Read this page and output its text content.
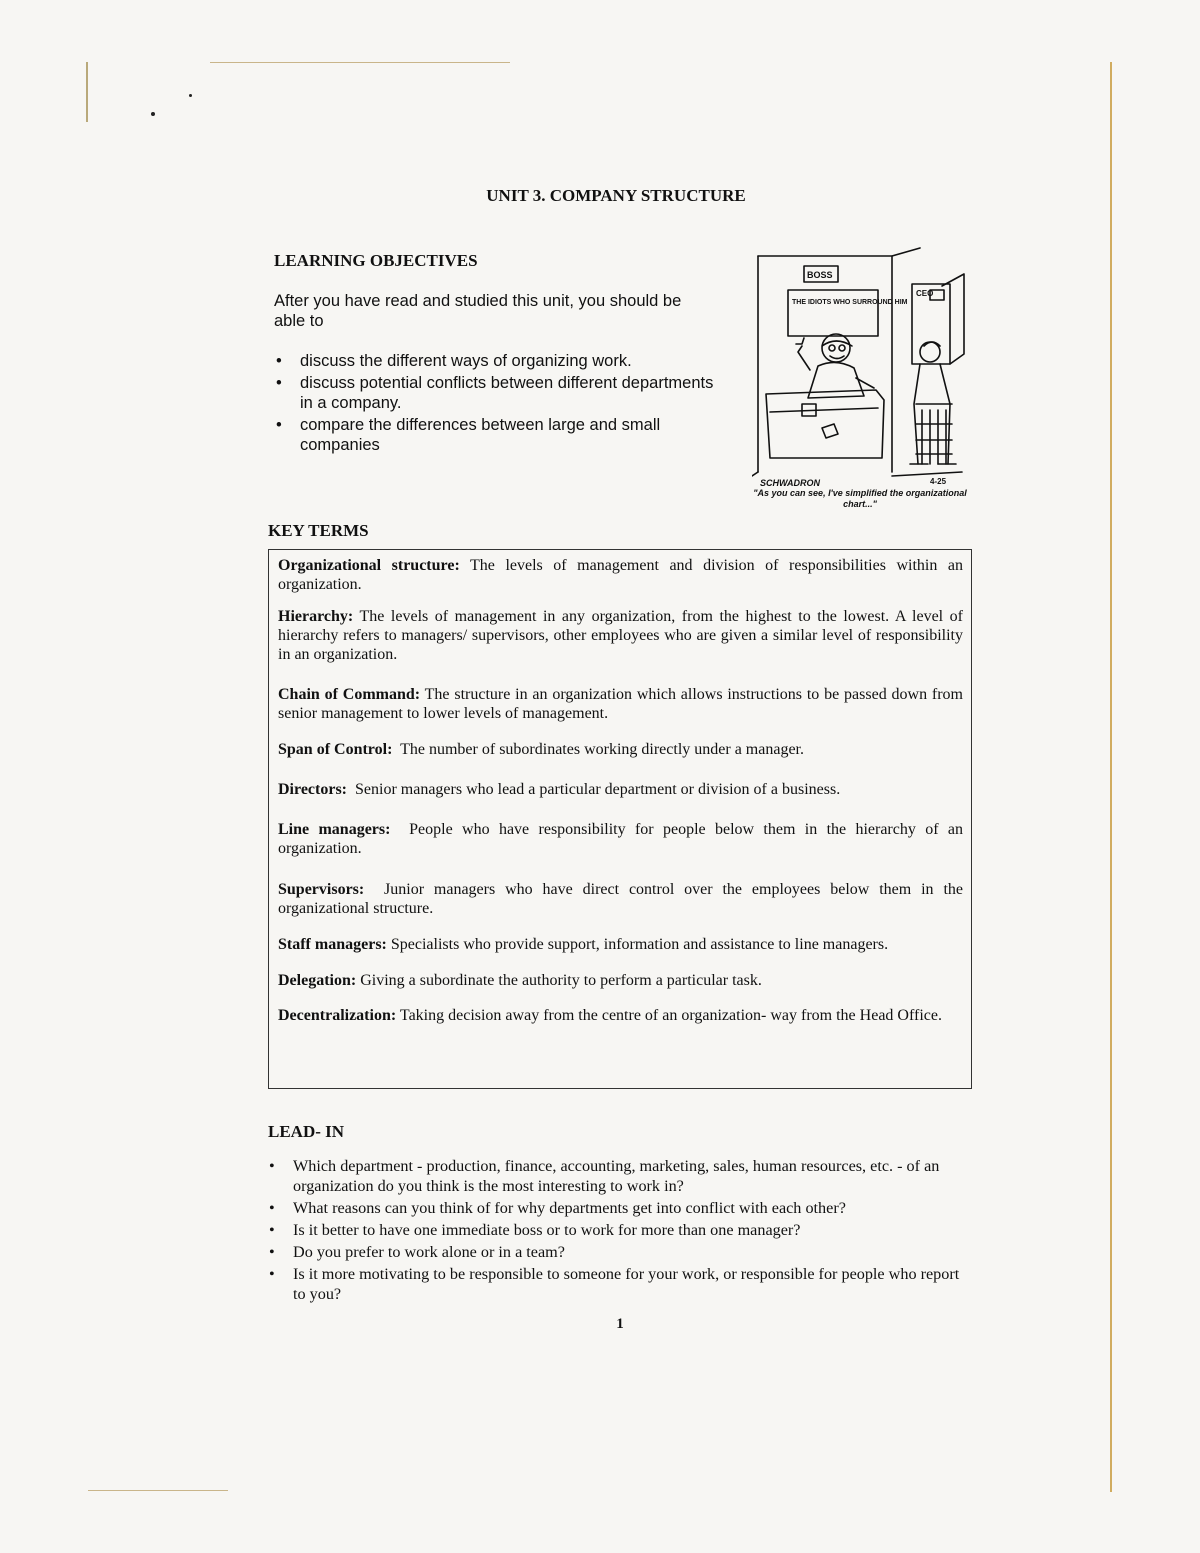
UNIT 3. COMPANY STRUCTURE
LEARNING OBJECTIVES
After you have read and studied this unit, you should be able to
• discuss the different ways of organizing work.
• discuss potential conflicts between different departments in a company.
• compare the differences between large and small companies
BOSS
THE IDIOTS WHO SURROUND HIM
CEO
SCHWADRON	4-25
"As you can see, I've simplified the organizational chart..."
KEY TERMS

Organizational structure: The levels of management and division of responsibilities within an organization.

Hierarchy: The levels of management in any organization, from the highest to the lowest. A level of hierarchy refers to managers/ supervisors, other employees who are given a similar level of responsibility in an organization.

Chain of Command: The structure in an organization which allows instructions to be passed down from senior management to lower levels of management.

Span of Control: The number of subordinates working directly under a manager.

Directors: Senior managers who lead a particular department or division of a business.

Line managers: People who have responsibility for people below them in the hierarchy of an organization.

Supervisors: Junior managers who have direct control over the employees below them in the organizational structure.

Staff managers: Specialists who provide support, information and assistance to line managers.

Delegation: Giving a subordinate the authority to perform a particular task.

Decentralization: Taking decision away from the centre of an organization- way from the Head Office.

LEAD- IN
• Which department - production, finance, accounting, marketing, sales, human resources, etc. - of an organization do you think is the most interesting to work in?
• What reasons can you think of for why departments get into conflict with each other?
• Is it better to have one immediate boss or to work for more than one manager?
• Do you prefer to work alone or in a team?
• Is it more motivating to be responsible to someone for your work, or responsible for people who report to you?
1
